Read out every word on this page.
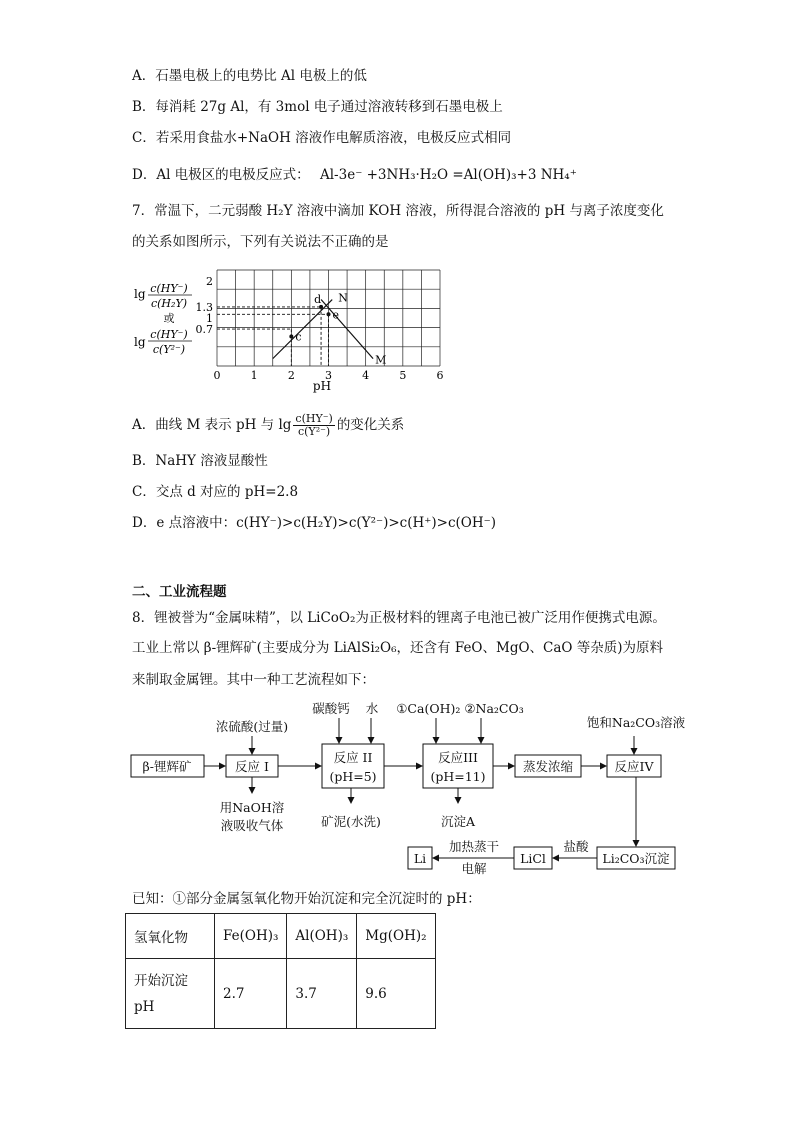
A．石墨电极上的电势比 Al 电极上的低
B．每消耗 27g Al，有 3mol 电子通过溶液转移到石墨电极上
C．若采用食盐水+NaOH 溶液作电解质溶液，电极反应式相同
D．Al 电极区的电极反应式： Al-3e⁻ +3NH₃·H₂O =Al(OH)₃+3 NH₄⁺
7．常温下，二元弱酸 H₂Y 溶液中滴加 KOH 溶液，所得混合溶液的 pH 与离子浓度变化
的关系如图所示，下列有关说法不正确的是
lg c(HY⁻)
c(H₂Y)
或
lg
c(HY⁻)
c(Y²⁻)
0	1	2	3	4	5	6
2
1.3
1
0.7
N
M
c
d
e
pH
A．曲线 M 表示 pH 与 $\lg \frac{c(HY^-)}{\text{c(Y²⁻)}}$ 的变化关系
B．NaHY 溶液显酸性
C．交点 d 对应的 pH=2.8
D．e 点溶液中：c(HY⁻)>c(H₂Y)>c(Y²⁻)>c(H⁺)>c(OH⁻)
二、工业流程题
8．锂被誉为“金属味精”，以 LiCoO₂为正极材料的锂离子电池已被广泛用作便携式电源。
工业上常以 β-锂辉矿(主要成分为 LiAlSi₂O₆，还含有 FeO、MgO、CaO 等杂质)为原料
来制取金属锂。其中一种工艺流程如下：
β-锂辉矿	反应 I
反应 II
(pH=5)
反应III
(pH=11)
蒸发浓缩	反应IV
Li₂CO₃沉淀
LiCl
Li
浓硫酸(过量)
碳酸钙 水 ①Ca(OH)₂ ②Na₂CO₃
饱和Na₂CO₃溶液
用NaOH溶
液吸收气体	矿泥(水洗)	沉淀A
盐酸
加热蒸干
电解
已知：①部分金属氢氧化物开始沉淀和完全沉淀时的 pH：
氢氧化物	Fe(OH)₃	Al(OH)₃	Mg(OH)₂
开始沉淀
pH	2.7	3.7	9.6
